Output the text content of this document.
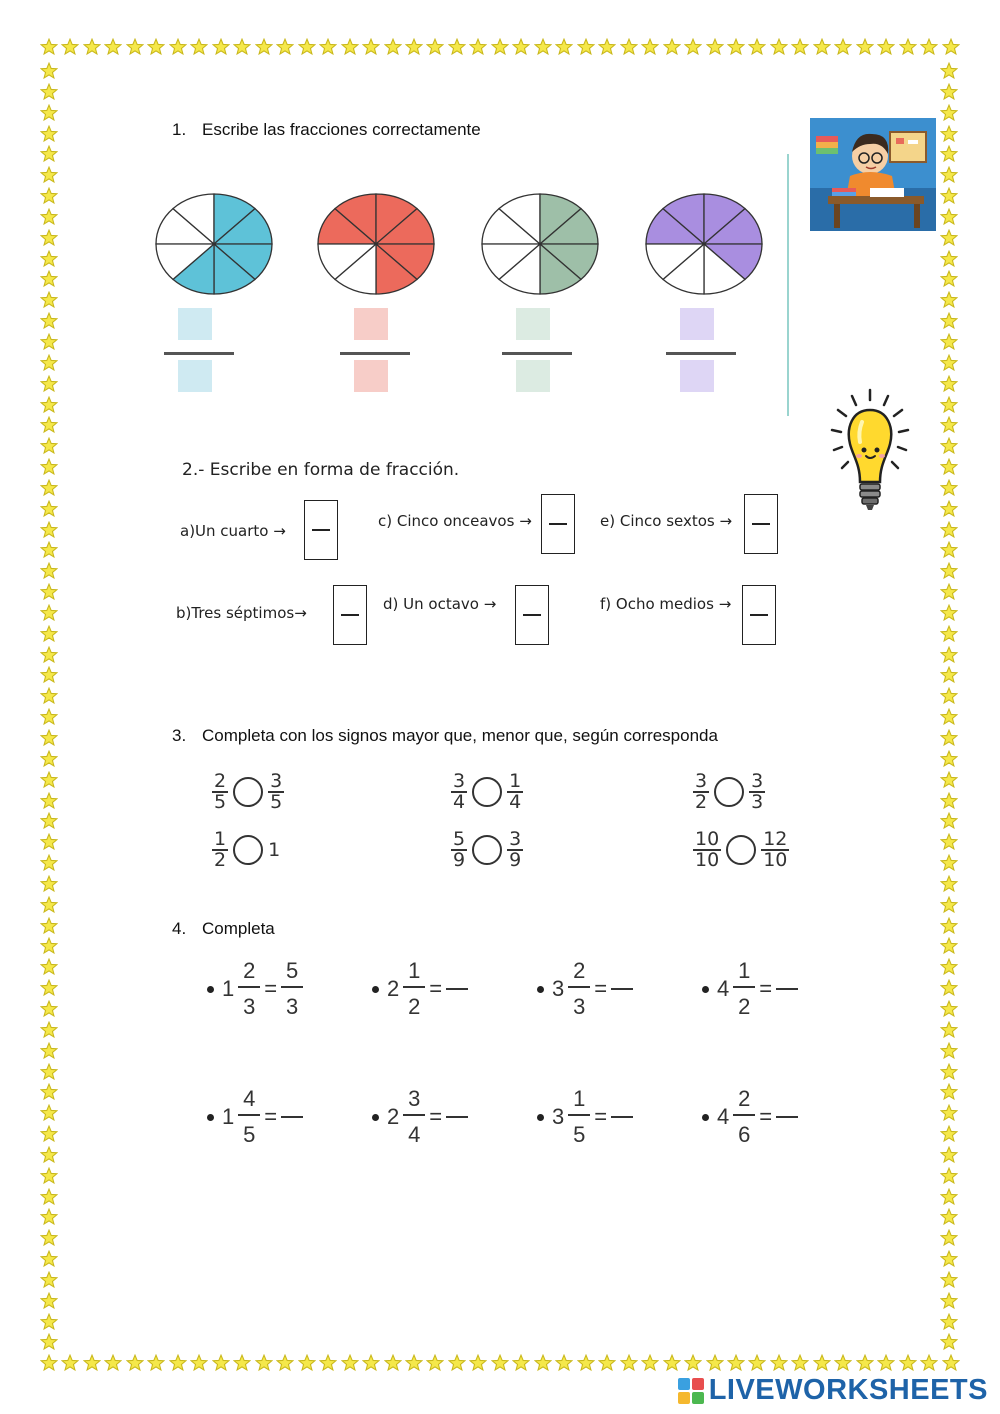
1. Escribe las fracciones correctamente
2.- Escribe en forma de fracción.
a)Un cuarto →
c) Cinco onceavos →	e) Cinco sextos →
b)Tres séptimos→	d) Un octavo →	f) Ocho medios →
3. Completa con los signos mayor que, menor que, según corresponda
$\frac{2}{5} \frac{3}{5}$	$\frac{3}{4} \frac{1}{4}$	$\frac{3}{2} \frac{3}{3}$
$\frac{1}{2} 1$	$\frac{5}{9} \frac{3}{9}$	$\frac{10}{10} \frac{12}{10}$
4. Completa
$1 \frac{2}{3} = \frac{5}{3}$	$2 \frac{1}{2}$ =	$3 \frac{2}{3}$ =	$4 \frac{1}{2}$ =
$1 \frac{4}{5}$ =	$2 \frac{3}{4}$ =	$3 \frac{1}{5}$ =	$4 \frac{2}{6}$ =
LIVEWORKSHEETS
